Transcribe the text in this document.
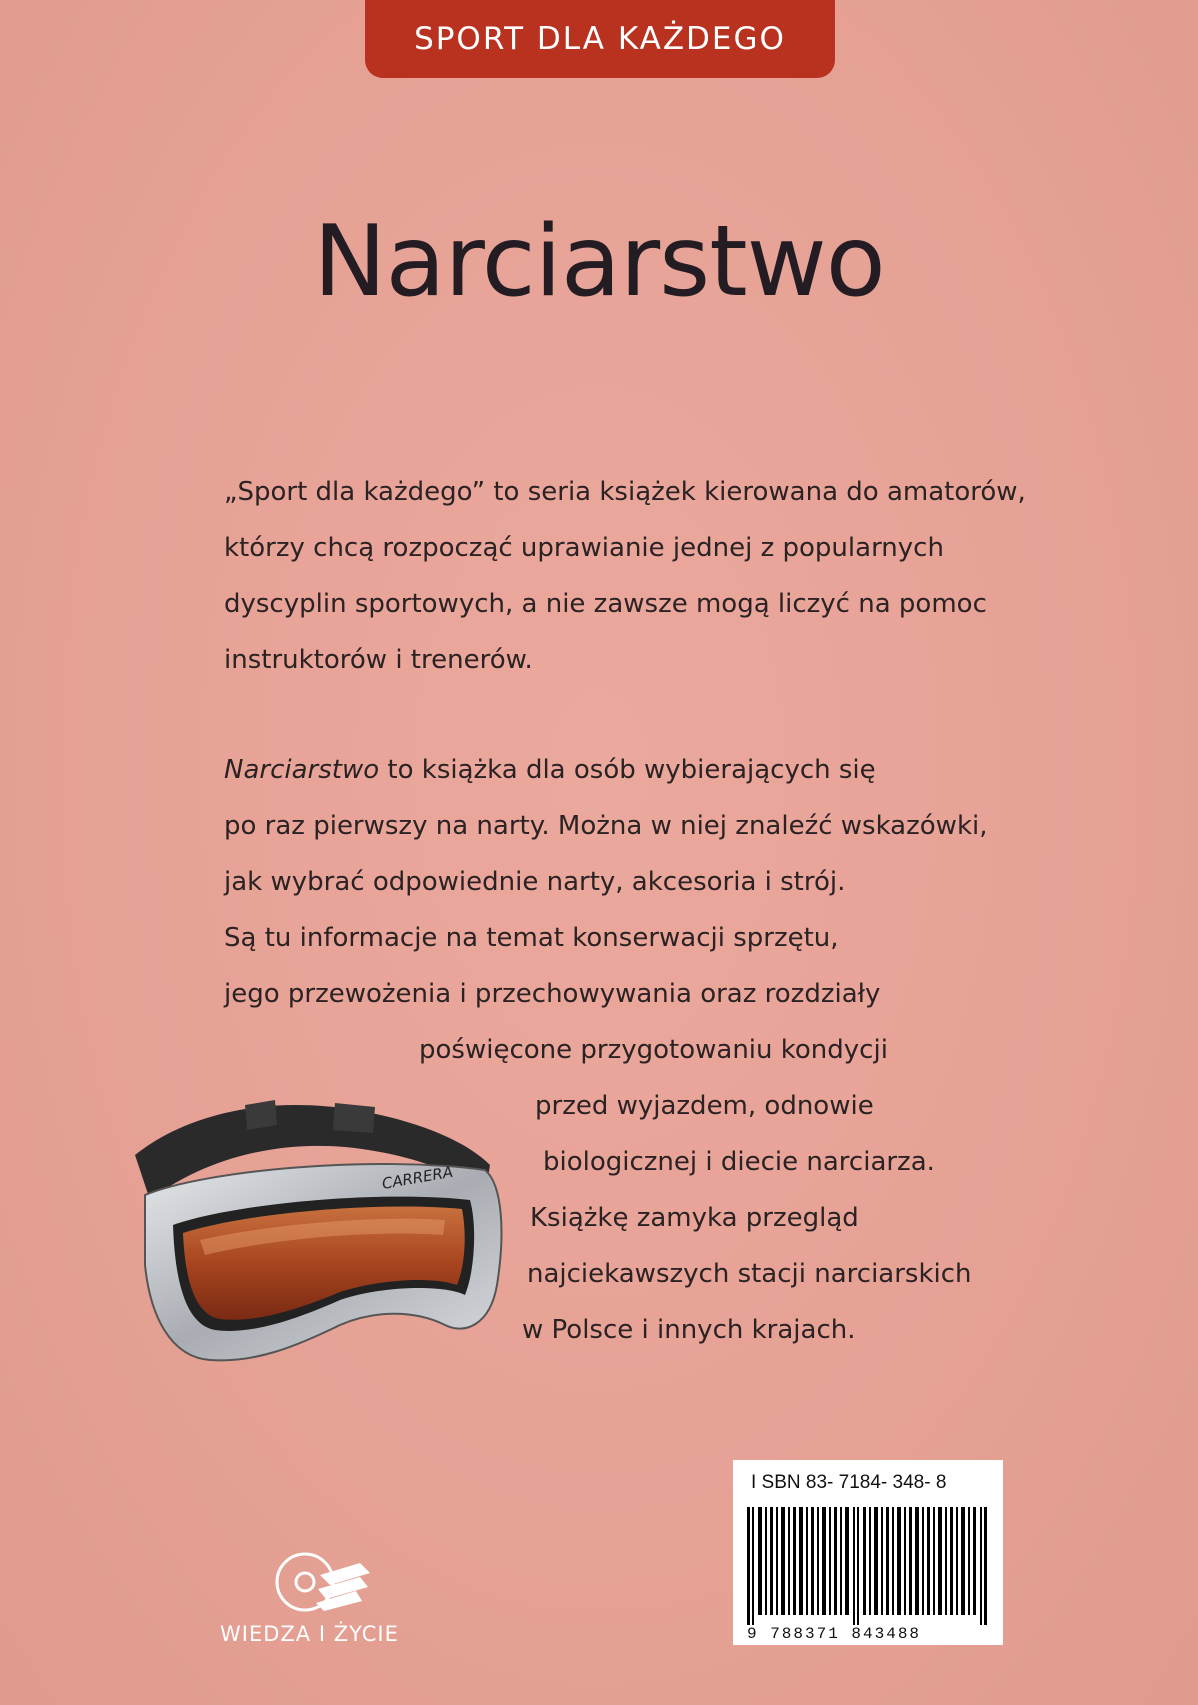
SPORT DLA KAŻDEGO
Narciarstwo
„Sport dla każdego” to seria książek kierowana do amatorów,
którzy chcą rozpocząć uprawianie jednej z popularnych
dyscyplin sportowych, a nie zawsze mogą liczyć na pomoc
instruktorów i trenerów.
Narciarstwo to książka dla osób wybierających się
po raz pierwszy na narty. Można w niej znaleźć wskazówki,
jak wybrać odpowiednie narty, akcesoria i strój.
Są tu informacje na temat konserwacji sprzętu,
jego przewożenia i przechowywania oraz rozdziały
poświęcone przygotowaniu kondycji
przed wyjazdem, odnowie
biologicznej i diecie narciarza.
Książkę zamyka przegląd
najciekawszych stacji narciarskich
w Polsce i innych krajach.
CARRERA
WIEDZA I ŻYCIE
I SBN 83- 7184- 348- 8
9 788371 843488
